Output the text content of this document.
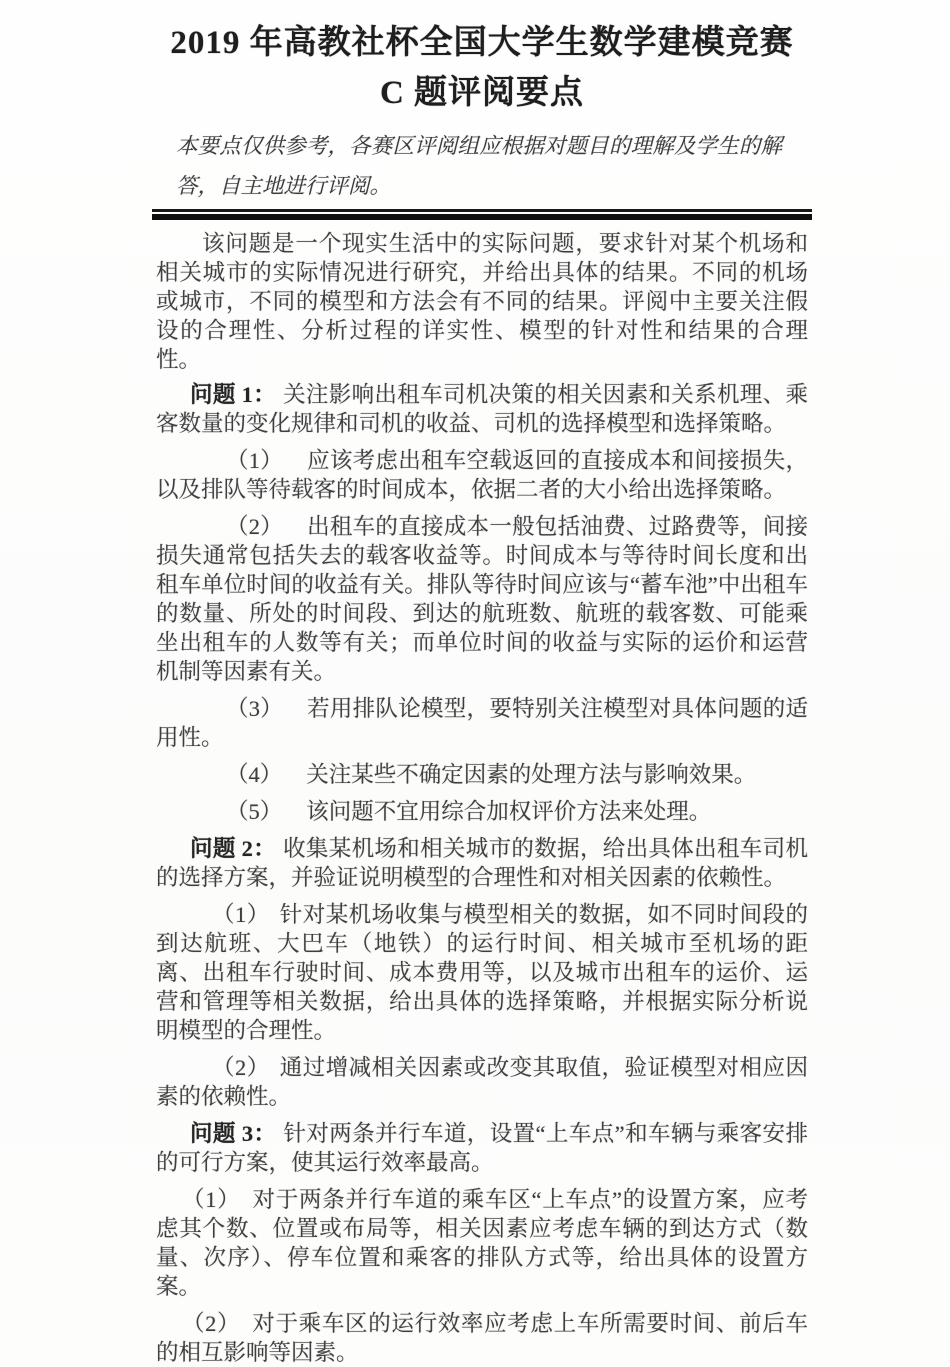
2019 年高教社杯全国大学生数学建模竞赛
C 题评阅要点

本要点仅供参考，各赛区评阅组应根据对题目的理解及学生的解答，自主地进行评阅。

该问题是一个现实生活中的实际问题，要求针对某个机场和相关城市的实际情况进行研究，并给出具体的结果。不同的机场或城市，不同的模型和方法会有不同的结果。评阅中主要关注假设的合理性、分析过程的详实性、模型的针对性和结果的合理性。

问题 1： 关注影响出租车司机决策的相关因素和关系机理、乘客数量的变化规律和司机的收益、司机的选择模型和选择策略。

（1） 应该考虑出租车空载返回的直接成本和间接损失，以及排队等待载客的时间成本，依据二者的大小给出选择策略。

（2） 出租车的直接成本一般包括油费、过路费等，间接损失通常包括失去的载客收益等。时间成本与等待时间长度和出租车单位时间的收益有关。排队等待时间应该与“蓄车池”中出租车的数量、所处的时间段、到达的航班数、航班的载客数、可能乘坐出租车的人数等有关；而单位时间的收益与实际的运价和运营机制等因素有关。

（3） 若用排队论模型，要特别关注模型对具体问题的适用性。

（4） 关注某些不确定因素的处理方法与影响效果。

（5） 该问题不宜用综合加权评价方法来处理。

问题 2： 收集某机场和相关城市的数据，给出具体出租车司机的选择方案，并验证说明模型的合理性和对相关因素的依赖性。

（1） 针对某机场收集与模型相关的数据，如不同时间段的到达航班、大巴车（地铁）的运行时间、相关城市至机场的距离、出租车行驶时间、成本费用等，以及城市出租车的运价、运营和管理等相关数据，给出具体的选择策略，并根据实际分析说明模型的合理性。

（2） 通过增减相关因素或改变其取值，验证模型对相应因素的依赖性。

问题 3： 针对两条并行车道，设置“上车点”和车辆与乘客安排的可行方案，使其运行效率最高。

（1） 对于两条并行车道的乘车区“上车点”的设置方案，应考虑其个数、位置或布局等，相关因素应考虑车辆的到达方式（数量、次序）、停车位置和乘客的排队方式等，给出具体的设置方案。

（2） 对于乘车区的运行效率应考虑上车所需要时间、前后车的相互影响等因素。
